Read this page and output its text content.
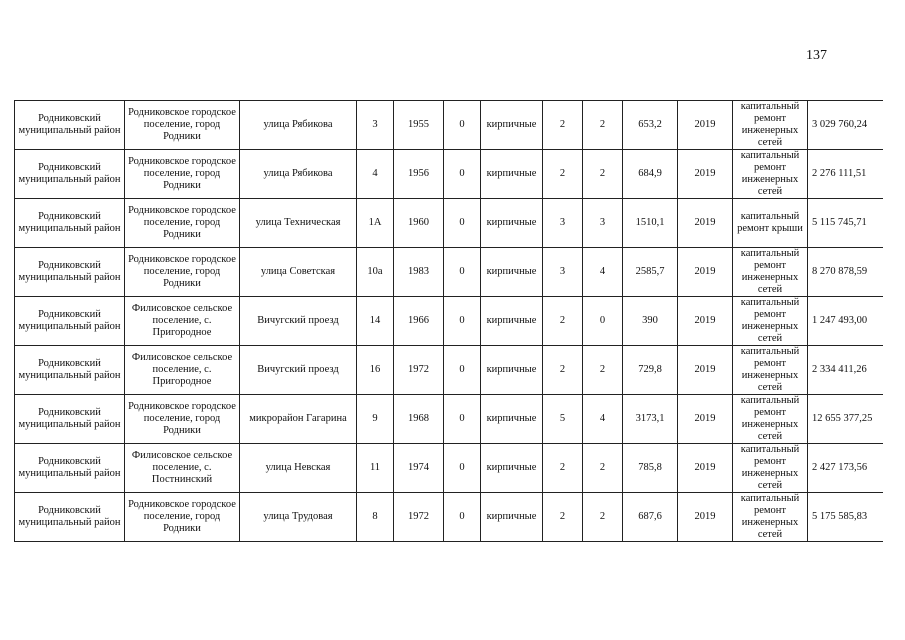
137
Родниковский муниципальный район	Родниковское городское поселение, город Родники	улица Рябикова	3	1955	0	кирпичные	2	2	653,2	2019	капитальный ремонт инженерных сетей	3 029 760,24
Родниковский муниципальный район	Родниковское городское поселение, город Родники	улица Рябикова	4	1956	0	кирпичные	2	2	684,9	2019	капитальный ремонт инженерных сетей	2 276 111,51
Родниковский муниципальный район	Родниковское городское поселение, город Родники	улица Техническая	1А	1960	0	кирпичные	3	3	1510,1	2019	капитальный ремонт крыши	5 115 745,71
Родниковский муниципальный район	Родниковское городское поселение, город Родники	улица Советская	10а	1983	0	кирпичные	3	4	2585,7	2019	капитальный ремонт инженерных сетей	8 270 878,59
Родниковский муниципальный район	Филисовское сельское поселение, с. Пригородное	Вичугский проезд	14	1966	0	кирпичные	2	0	390	2019	капитальный ремонт инженерных сетей	1 247 493,00
Родниковский муниципальный район	Филисовское сельское поселение, с. Пригородное	Вичугский проезд	16	1972	0	кирпичные	2	2	729,8	2019	капитальный ремонт инженерных сетей	2 334 411,26
Родниковский муниципальный район	Родниковское городское поселение, город Родники	микрорайон Гагарина	9	1968	0	кирпичные	5	4	3173,1	2019	капитальный ремонт инженерных сетей	12 655 377,25
Родниковский муниципальный район	Филисовское сельское поселение, с. Постнинский	улица Невская	11	1974	0	кирпичные	2	2	785,8	2019	капитальный ремонт инженерных сетей	2 427 173,56
Родниковский муниципальный район	Родниковское городское поселение, город Родники	улица Трудовая	8	1972	0	кирпичные	2	2	687,6	2019	капитальный ремонт инженерных сетей	5 175 585,83
